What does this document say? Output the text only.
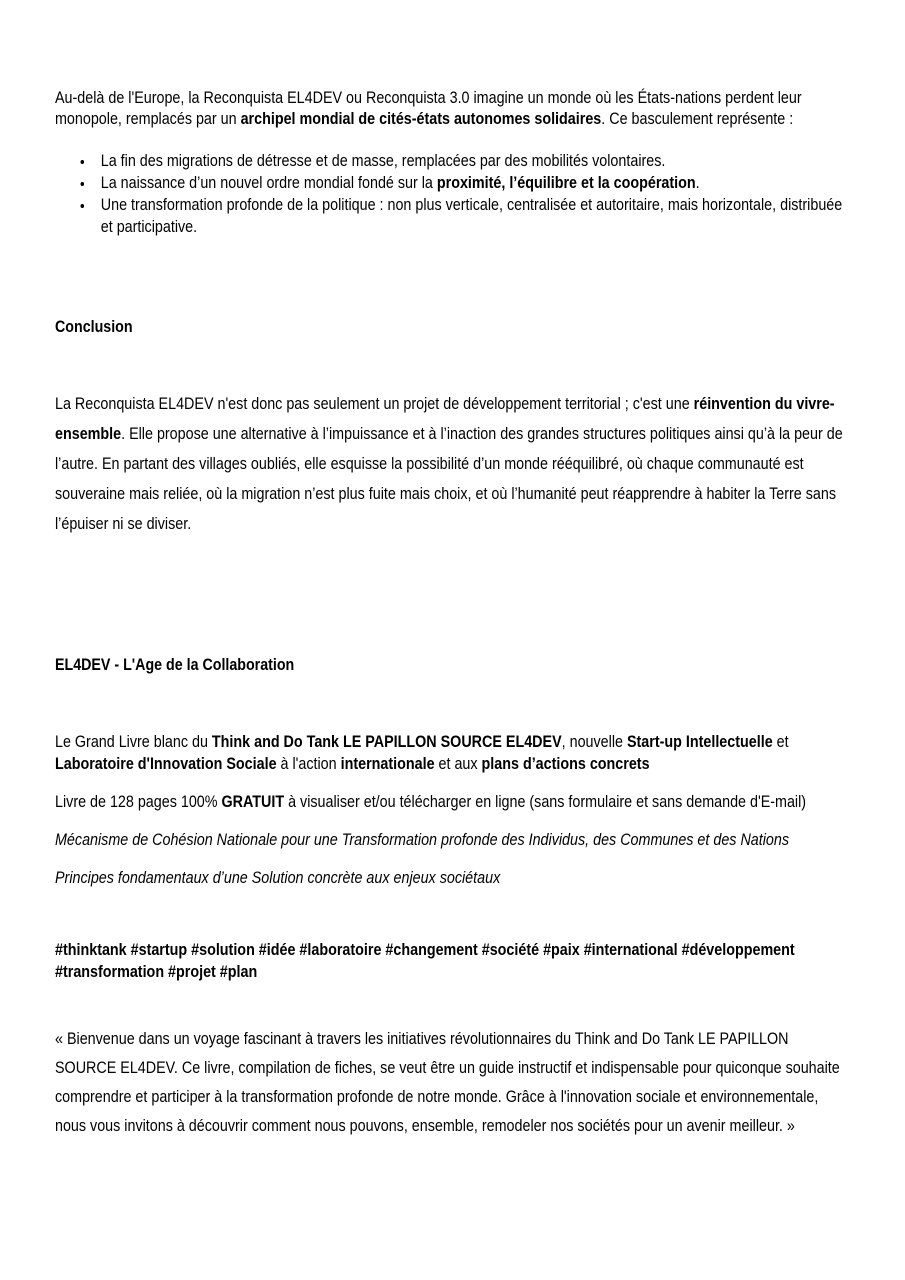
Au-delà de l'Europe, la Reconquista EL4DEV ou Reconquista 3.0 imagine un monde où les États-nations perdent leur monopole, remplacés par un archipel mondial de cités-états autonomes solidaires. Ce basculement représente :

La fin des migrations de détresse et de masse, remplacées par des mobilités volontaires.
La naissance d’un nouvel ordre mondial fondé sur la proximité, l’équilibre et la coopération.
Une transformation profonde de la politique : non plus verticale, centralisée et autoritaire, mais horizontale, distribuée et participative.
Conclusion

La Reconquista EL4DEV n'est donc pas seulement un projet de développement territorial ; c'est une réinvention du vivre-ensemble. Elle propose une alternative à l’impuissance et à l’inaction des grandes structures politiques ainsi qu’à la peur de l’autre. En partant des villages oubliés, elle esquisse la possibilité d’un monde rééquilibré, où chaque communauté est souveraine mais reliée, où la migration n’est plus fuite mais choix, et où l’humanité peut réapprendre à habiter la Terre sans l’épuiser ni se diviser.

EL4DEV - L'Age de la Collaboration

Le Grand Livre blanc du Think and Do Tank LE PAPILLON SOURCE EL4DEV, nouvelle Start-up Intellectuelle et Laboratoire d'Innovation Sociale à l'action internationale et aux plans d’actions concrets

Livre de 128 pages 100% GRATUIT à visualiser et/ou télécharger en ligne (sans formulaire et sans demande d'E-mail)

Mécanisme de Cohésion Nationale pour une Transformation profonde des Individus, des Communes et des Nations

Principes fondamentaux d’une Solution concrète aux enjeux sociétaux

#thinktank #startup #solution #idée #laboratoire #changement #société #paix #international #développement #transformation #projet #plan

« Bienvenue dans un voyage fascinant à travers les initiatives révolutionnaires du Think and Do Tank LE PAPILLON SOURCE EL4DEV. Ce livre, compilation de fiches, se veut être un guide instructif et indispensable pour quiconque souhaite comprendre et participer à la transformation profonde de notre monde. Grâce à l'innovation sociale et environnementale, nous vous invitons à découvrir comment nous pouvons, ensemble, remodeler nos sociétés pour un avenir meilleur. »
